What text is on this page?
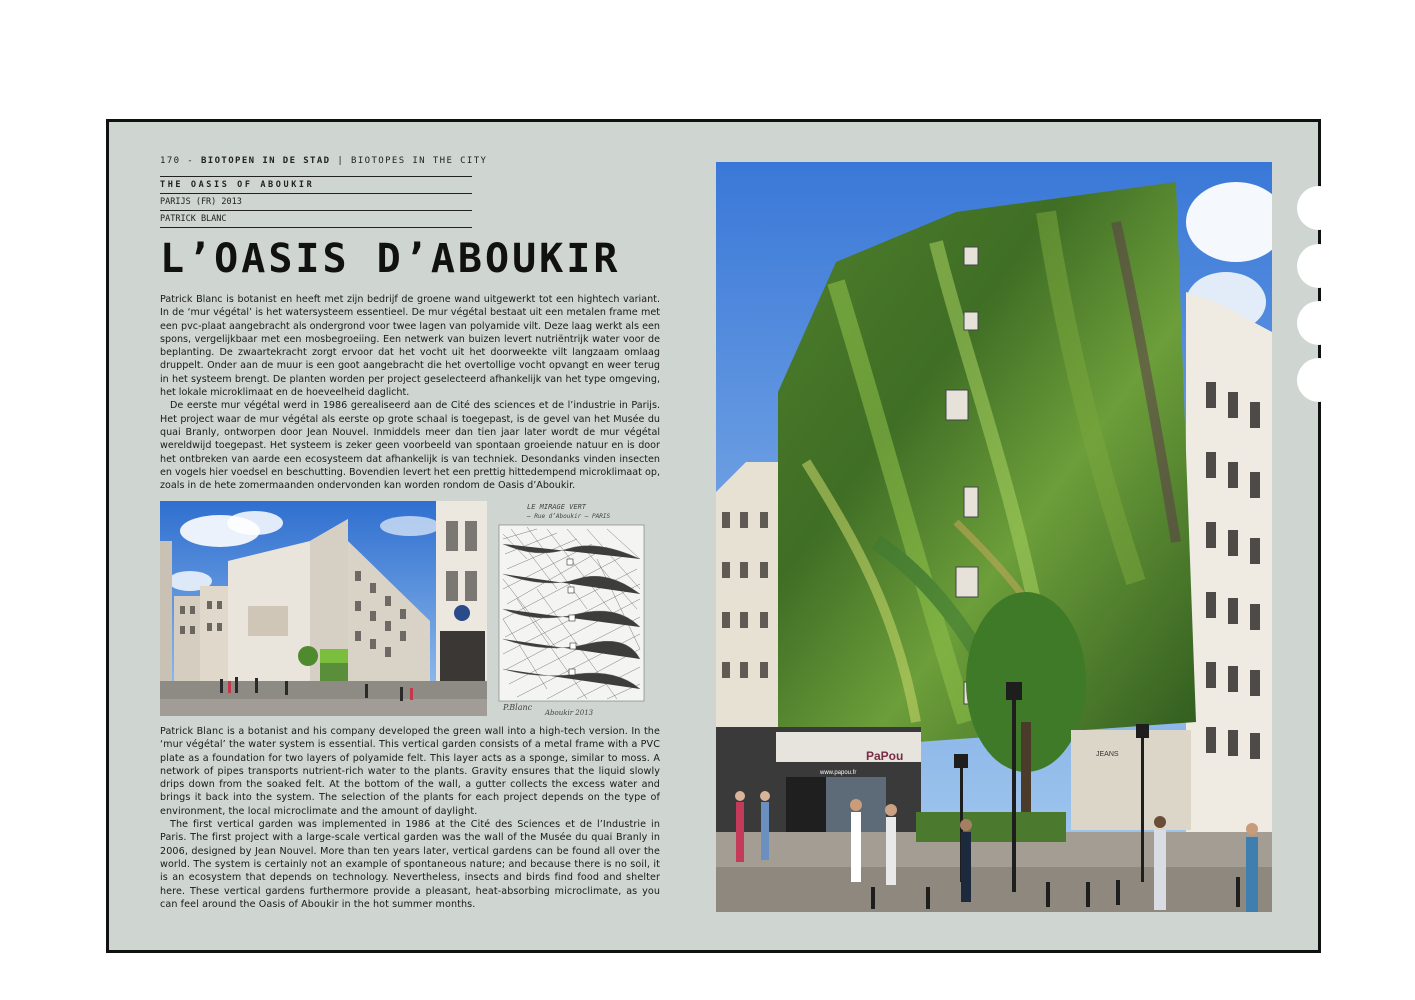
170 - BIOTOPEN IN DE STAD | BIOTOPES IN THE CITY
THE OASIS OF ABOUKIR
PARIJS (FR) 2013
PATRICK BLANC
L’OASIS D’ABOUKIR

Patrick Blanc is botanist en heeft met zijn bedrijf de groene wand uitgewerkt tot een hightech variant. In de ‘mur végétal’ is het watersysteem essentieel. De mur végétal bestaat uit een metalen frame met een pvc-plaat aangebracht als ondergrond voor twee lagen van polyamide vilt. Deze laag werkt als een spons, vergelijkbaar met een mosbegroeiing. Een netwerk van buizen levert nutriëntrijk water voor de beplanting. De zwaartekracht zorgt ervoor dat het vocht uit het doorweekte vilt langzaam omlaag druppelt. Onder aan de muur is een goot aangebracht die het overtollige vocht opvangt en weer terug in het systeem brengt. De planten worden per project geselecteerd afhankelijk van het type omgeving, het lokale microklimaat en de hoeveelheid daglicht.

De eerste mur végétal werd in 1986 gerealiseerd aan de Cité des sciences et de l’industrie in Parijs. Het project waar de mur végétal als eerste op grote schaal is toegepast, is de gevel van het Musée du quai Branly, ontworpen door Jean Nouvel. Inmiddels meer dan tien jaar later wordt de mur végétal wereldwijd toegepast. Het systeem is zeker geen voorbeeld van spontaan groeiende natuur en is door het ontbreken van aarde een ecosysteem dat afhankelijk is van techniek. Desondanks vinden insecten en vogels hier voedsel en beschutting. Bovendien levert het een prettig hittedempend microklimaat op, zoals in de hete zomermaanden ondervonden kan worden rondom de Oasis d’Aboukir.

LE MIRAGE VERT
– Rue d’Aboukir – PARIS
P.Blanc
Aboukir 2013

Patrick Blanc is a botanist and his company developed the green wall into a high-tech version. In the ‘mur végétal’ the water system is essential. This vertical garden consists of a metal frame with a PVC plate as a foundation for two layers of polyamide felt. This layer acts as a sponge, similar to moss. A network of pipes transports nutrient-rich water to the plants. Gravity ensures that the liquid slowly drips down from the soaked felt. At the bottom of the wall, a gutter collects the excess water and brings it back into the system. The selection of the plants for each project depends on the type of environment, the local microclimate and the amount of daylight.

The first vertical garden was implemented in 1986 at the Cité des Sciences et de l’Industrie in Paris. The first project with a large-scale vertical garden was the wall of the Musée du quai Branly in 2006, designed by Jean Nouvel. More than ten years later, vertical gardens can be found all over the world. The system is certainly not an example of spontaneous nature; and because there is no soil, it is an ecosystem that depends on technology. Nevertheless, insects and birds find food and shelter here. These vertical gardens furthermore provide a pleasant, heat-absorbing microclimate, as you can feel around the Oasis of Aboukir in the hot summer months.

PaPou
www.papou.fr
JEANS
